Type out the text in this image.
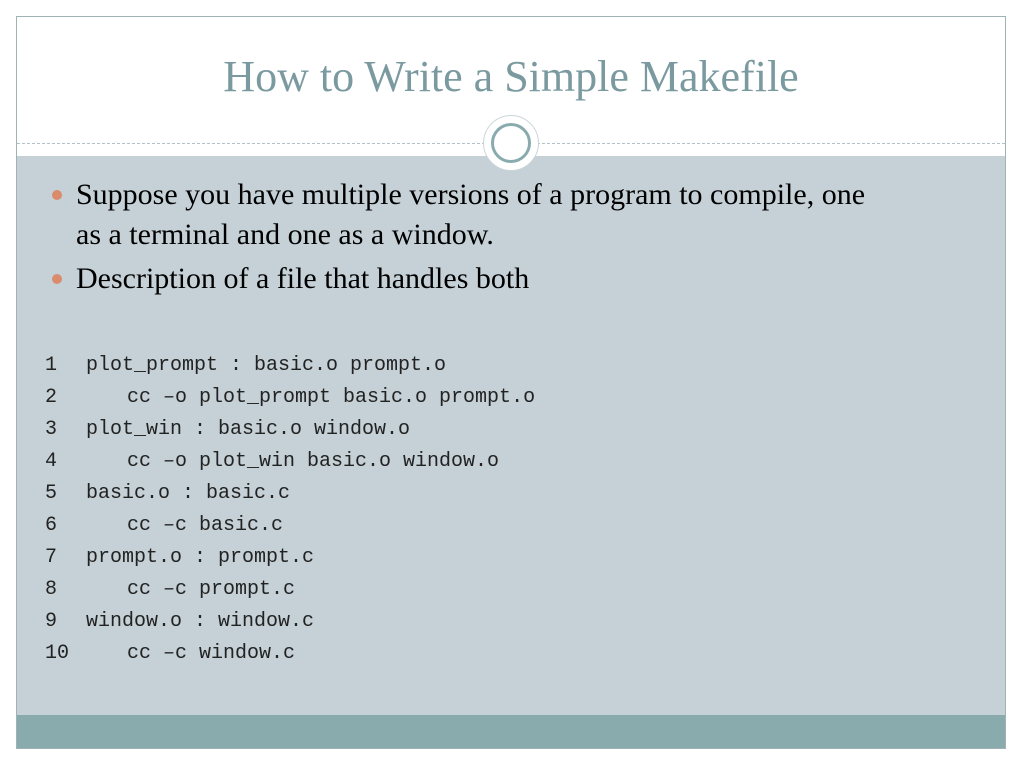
How to Write a Simple Makefile
Suppose you have multiple versions of a program to compile, one as a terminal and one as a window.
Description of a file that handles both
1	plot_prompt : basic.o prompt.o
2	cc –o plot_prompt basic.o prompt.o
3	plot_win : basic.o window.o
4	cc –o plot_win basic.o window.o
5	basic.o : basic.c
6	cc –c basic.c
7	prompt.o : prompt.c
8	cc –c prompt.c
9	window.o : window.c
10	cc –c window.c
